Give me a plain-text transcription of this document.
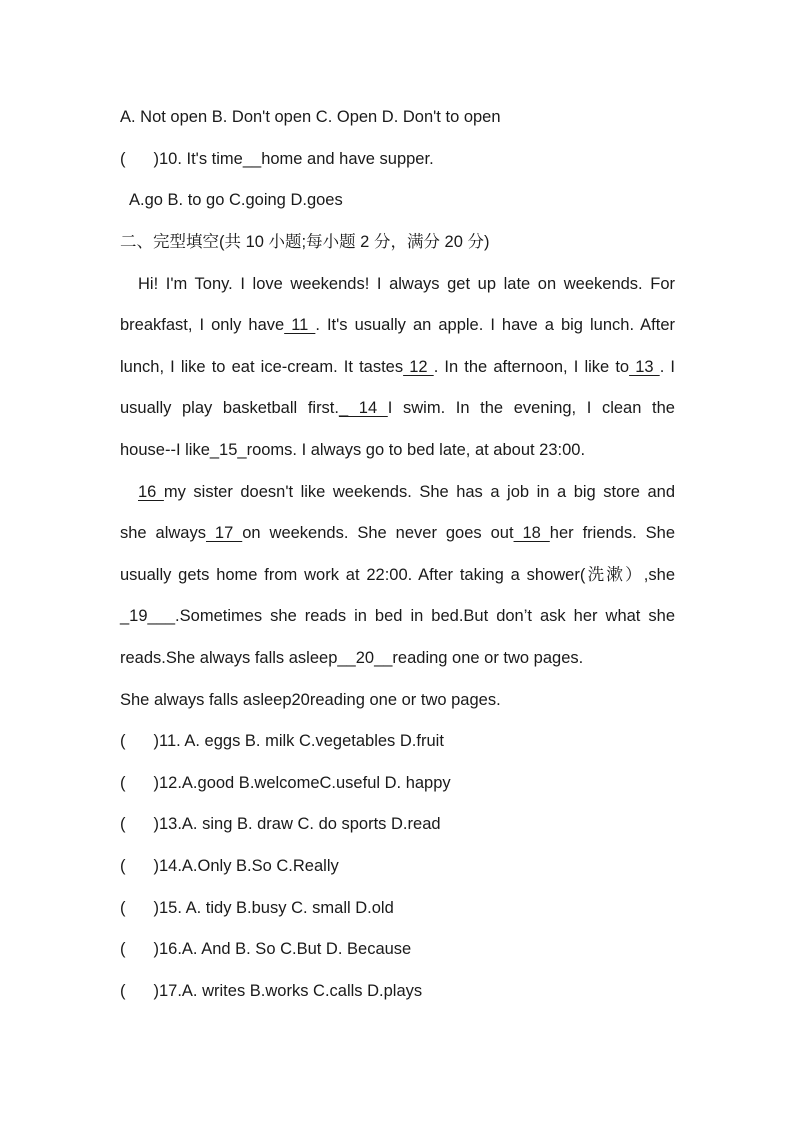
A. Not open B. Don't open C. Open D. Don't to open
( )10. It's time__home and have supper.
A.go B. to go C.going D.goes
二、完型填空(共 10 小题;每小题 2 分，满分 20 分)
Hi! I'm Tony. I love weekends! I always get up late on weekends. For
breakfast, I only have 11 . It's usually an apple. I have a big lunch. After
lunch, I like to eat ice-cream. It tastes 12 . In the afternoon, I like to 13 . I
usually play basketball first._ 14 I swim. In the evening, I clean the
house--I like_15_rooms. I always go to bed late, at about 23:00.
16 my sister doesn't like weekends. She has a job in a big store and
she always 17 on weekends. She never goes out 18 her friends. She
usually gets home from work at 22:00. After taking a shower(洗漱）,she
_19___.Sometimes she reads in bed in bed.But don’t ask her what she
reads.She always falls asleep__20__reading one or two pages.
She always falls asleep20reading one or two pages.
( )11. A. eggs B. milk C.vegetables D.fruit
( )12.A.good B.welcomeC.useful D. happy
( )13.A. sing B. draw C. do sports D.read
( )14.A.Only B.So C.Really
( )15. A. tidy B.busy C. small D.old
( )16.A. And B. So C.But D. Because
( )17.A. writes B.works C.calls D.plays
